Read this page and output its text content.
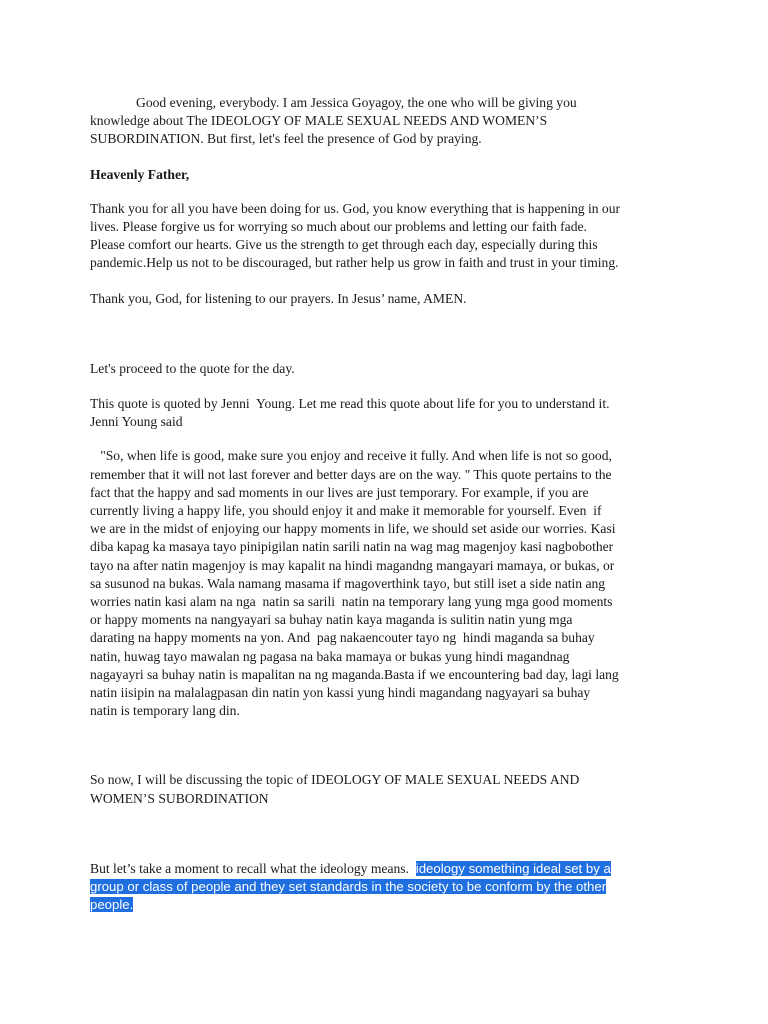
Good evening, everybody. I am Jessica Goyagoy, the one who will be giving you
knowledge about The IDEOLOGY OF MALE SEXUAL NEEDS AND WOMEN’S
SUBORDINATION. But first, let's feel the presence of God by praying.
Heavenly Father,
Thank you for all you have been doing for us. God, you know everything that is happening in our
lives. Please forgive us for worrying so much about our problems and letting our faith fade.
Please comfort our hearts. Give us the strength to get through each day, especially during this
pandemic.Help us not to be discouraged, but rather help us grow in faith and trust in your timing.
Thank you, God, for listening to our prayers. In Jesus’ name, AMEN.
Let's proceed to the quote for the day.
This quote is quoted by Jenni  Young. Let me read this quote about life for you to understand it.
Jenni Young said
"So, when life is good, make sure you enjoy and receive it fully. And when life is not so good,
remember that it will not last forever and better days are on the way. " This quote pertains to the
fact that the happy and sad moments in our lives are just temporary. For example, if you are
currently living a happy life, you should enjoy it and make it memorable for yourself. Even  if
we are in the midst of enjoying our happy moments in life, we should set aside our worries. Kasi
diba kapag ka masaya tayo pinipigilan natin sarili natin na wag mag magenjoy kasi nagbobother
tayo na after natin magenjoy is may kapalit na hindi magandng mangayari mamaya, or bukas, or
sa susunod na bukas. Wala namang masama if magoverthink tayo, but still iset a side natin ang
worries natin kasi alam na nga  natin sa sarili  natin na temporary lang yung mga good moments
or happy moments na nangyayari sa buhay natin kaya maganda is sulitin natin yung mga
darating na happy moments na yon. And  pag nakaencouter tayo ng  hindi maganda sa buhay
natin, huwag tayo mawalan ng pagasa na baka mamaya or bukas yung hindi magandnag
nagayayri sa buhay natin is mapalitan na ng maganda.Basta if we encountering bad day, lagi lang
natin iisipin na malalagpasan din natin yon kassi yung hindi magandang nagyayari sa buhay
natin is temporary lang din.
So now, I will be discussing the topic of IDEOLOGY OF MALE SEXUAL NEEDS AND
WOMEN’S SUBORDINATION
But let’s take a moment to recall what the ideology means.  ideology something ideal set by a
group or class of people and they set standards in the society to be conform by the other
people.
